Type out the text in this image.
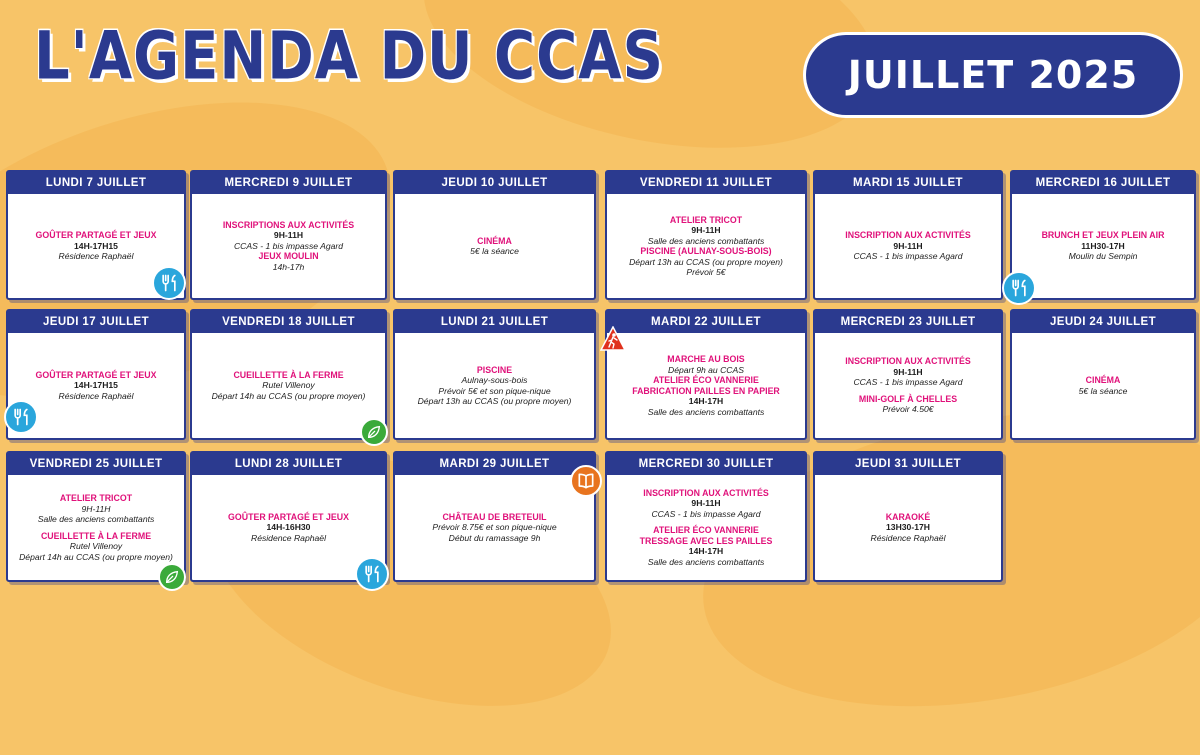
L'AGENDA DU CCAS	JUILLET 2025
LUNDI 7 JUILLET
GOÛTER PARTAGÉ ET JEUX
14H-17H15
Résidence Raphaël
MERCREDI 9 JUILLET
INSCRIPTIONS AUX ACTIVITÉS
9H-11H
CCAS - 1 bis impasse Agard
JEUX MOULIN
14h-17h
JEUDI 10 JUILLET
CINÉMA
5€ la séance
VENDREDI 11 JUILLET
ATELIER TRICOT
9H-11H
Salle des anciens combattants
PISCINE (AULNAY-SOUS-BOIS)
Départ 13h au CCAS (ou propre moyen)
Prévoir 5€
MARDI 15 JUILLET
INSCRIPTION AUX ACTIVITÉS
9H-11H
CCAS - 1 bis impasse Agard
MERCREDI 16 JUILLET
BRUNCH ET JEUX PLEIN AIR
11H30-17H
Moulin du Sempin
JEUDI 17 JUILLET
GOÛTER PARTAGÉ ET JEUX
14H-17H15
Résidence Raphaël
VENDREDI 18 JUILLET
CUEILLETTE À LA FERME
Rutel Villenoy
Départ 14h au CCAS (ou propre moyen)
LUNDI 21 JUILLET
PISCINE
Aulnay-sous-bois
Prévoir 5€ et son pique-nique
Départ 13h au CCAS (ou propre moyen)
MARDI 22 JUILLET
MARCHE AU BOIS
Départ 9h au CCAS
ATELIER ÉCO VANNERIE
FABRICATION PAILLES EN PAPIER
14H-17H
Salle des anciens combattants
MERCREDI 23 JUILLET
INSCRIPTION AUX ACTIVITÉS
9H-11H
CCAS - 1 bis impasse Agard
MINI-GOLF À CHELLES
Prévoir 4.50€
JEUDI 24 JUILLET
CINÉMA
5€ la séance
VENDREDI 25 JUILLET
ATELIER TRICOT
9H-11H
Salle des anciens combattants
CUEILLETTE À LA FERME
Rutel Villenoy
Départ 14h au CCAS (ou propre moyen)
LUNDI 28 JUILLET
GOÛTER PARTAGÉ ET JEUX
14H-16H30
Résidence Raphaël
MARDI 29 JUILLET
CHÂTEAU DE BRETEUIL
Prévoir 8.75€ et son pique-nique
Début du ramassage 9h
MERCREDI 30 JUILLET
INSCRIPTION AUX ACTIVITÉS
9H-11H
CCAS - 1 bis impasse Agard
ATELIER ÉCO VANNERIE
TRESSAGE AVEC LES PAILLES
14H-17H
Salle des anciens combattants
JEUDI 31 JUILLET
KARAOKÉ
13H30-17H
Résidence Raphaël
